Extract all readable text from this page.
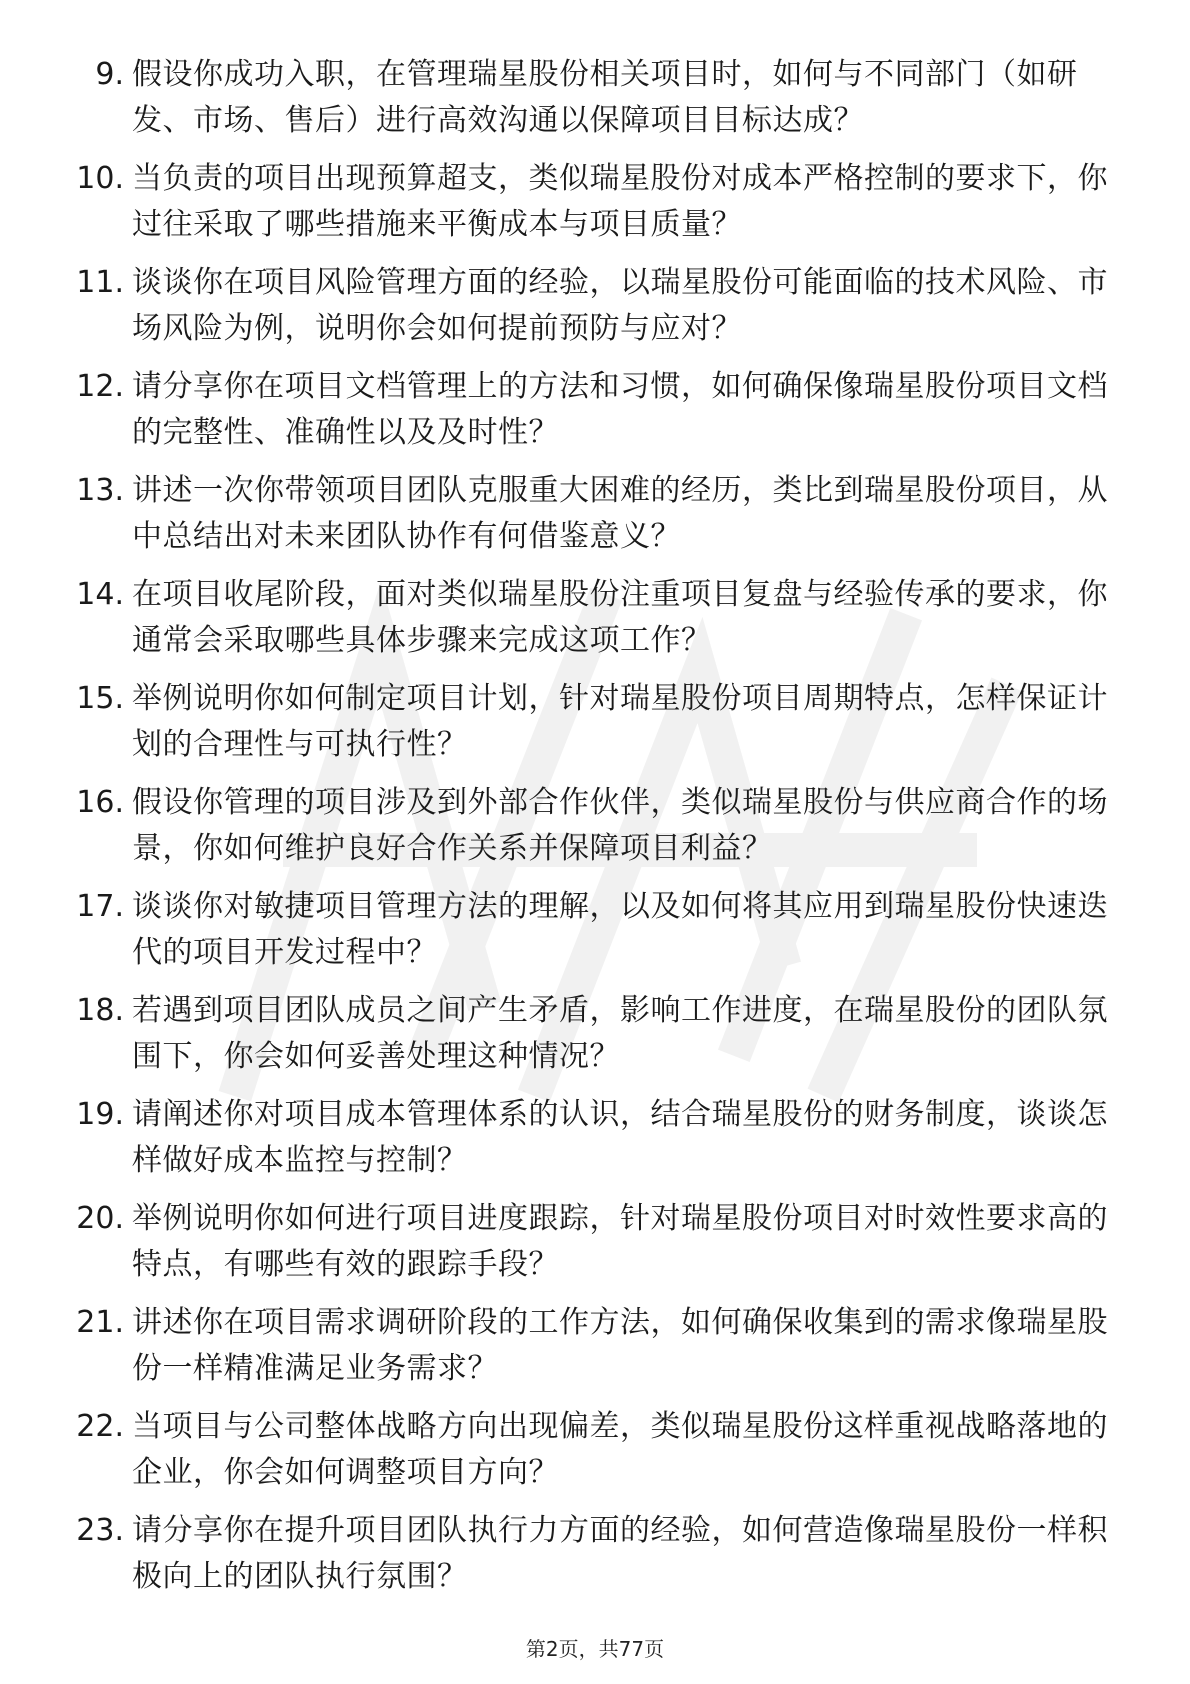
9. 假设你成功入职，在管理瑞星股份相关项目时，如何与不同部门（如研发、市场、售后）进行高效沟通以保障项目目标达成？
10. 当负责的项目出现预算超支，类似瑞星股份对成本严格控制的要求下，你过往采取了哪些措施来平衡成本与项目质量？
11. 谈谈你在项目风险管理方面的经验，以瑞星股份可能面临的技术风险、市场风险为例，说明你会如何提前预防与应对？
12. 请分享你在项目文档管理上的方法和习惯，如何确保像瑞星股份项目文档的完整性、准确性以及及时性？
13. 讲述一次你带领项目团队克服重大困难的经历，类比到瑞星股份项目，从中总结出对未来团队协作有何借鉴意义？
14. 在项目收尾阶段，面对类似瑞星股份注重项目复盘与经验传承的要求，你通常会采取哪些具体步骤来完成这项工作？
15. 举例说明你如何制定项目计划，针对瑞星股份项目周期特点，怎样保证计划的合理性与可执行性？
16. 假设你管理的项目涉及到外部合作伙伴，类似瑞星股份与供应商合作的场景，你如何维护良好合作关系并保障项目利益？
17. 谈谈你对敏捷项目管理方法的理解，以及如何将其应用到瑞星股份快速迭代的项目开发过程中？
18. 若遇到项目团队成员之间产生矛盾，影响工作进度，在瑞星股份的团队氛围下，你会如何妥善处理这种情况？
19. 请阐述你对项目成本管理体系的认识，结合瑞星股份的财务制度，谈谈怎样做好成本监控与控制？
20. 举例说明你如何进行项目进度跟踪，针对瑞星股份项目对时效性要求高的特点，有哪些有效的跟踪手段？
21. 讲述你在项目需求调研阶段的工作方法，如何确保收集到的需求像瑞星股份一样精准满足业务需求？
22. 当项目与公司整体战略方向出现偏差，类似瑞星股份这样重视战略落地的企业，你会如何调整项目方向？
23. 请分享你在提升项目团队执行力方面的经验，如何营造像瑞星股份一样积极向上的团队执行氛围？
第2页，共77页
